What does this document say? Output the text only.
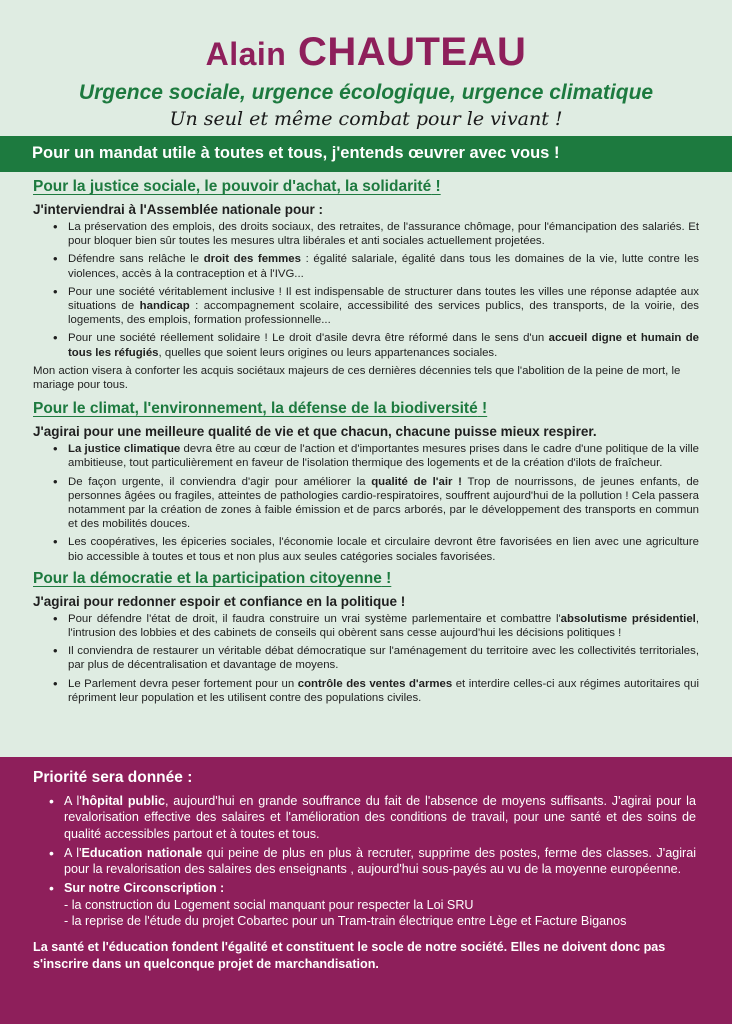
Alain CHAUTEAU
Urgence sociale, urgence écologique, urgence climatique
Un seul et même combat pour le vivant !
Pour un mandat utile à toutes et tous, j'entends œuvrer avec vous !
Pour la justice sociale, le pouvoir d'achat, la solidarité !
J'interviendrai à l'Assemblée nationale pour :
• La préservation des emplois, des droits sociaux, des retraites, de l'assurance chômage, pour l'émancipation des salariés. Et pour bloquer bien sûr toutes les mesures ultra libérales et anti sociales actuellement projetées.
• Défendre sans relâche le droit des femmes : égalité salariale, égalité dans tous les domaines de la vie, lutte contre les violences, accès à la contraception et à l'IVG...
• Pour une société véritablement inclusive ! Il est indispensable de structurer dans toutes les villes une réponse adaptée aux situations de handicap : accompagnement scolaire, accessibilité des services publics, des transports, de la voirie, des logements, des emplois, formation professionnelle...
• Pour une société réellement solidaire ! Le droit d'asile devra être réformé dans le sens d'un accueil digne et humain de tous les réfugiés, quelles que soient leurs origines ou leurs appartenances sociales.
Mon action visera à conforter les acquis sociétaux majeurs de ces dernières décennies tels que l'abolition de la peine de mort, le mariage pour tous.
Pour le climat, l'environnement, la défense de la biodiversité !
J'agirai pour une meilleure qualité de vie et que chacun, chacune puisse mieux respirer.
• La justice climatique devra être au cœur de l'action et d'importantes mesures prises dans le cadre d'une politique de la ville ambitieuse, tout particulièrement en faveur de l'isolation thermique des logements et de la création d'ilots de fraîcheur.
• De façon urgente, il conviendra d'agir pour améliorer la qualité de l'air ! Trop de nourrissons, de jeunes enfants, de personnes âgées ou fragiles, atteintes de pathologies cardio-respiratoires, souffrent aujourd'hui de la pollution ! Cela passera notamment par la création de zones à faible émission et de parcs arborés, par le développement des transports en commun et des mobilités douces.
• Les coopératives, les épiceries sociales, l'économie locale et circulaire devront être favorisées en lien avec une agriculture bio accessible à toutes et tous et non plus aux seules catégories sociales favorisées.
Pour la démocratie et la participation citoyenne !
J'agirai pour redonner espoir et confiance en la politique !
• Pour défendre l'état de droit, il faudra construire un vrai système parlementaire et combattre l'absolutisme présidentiel, l'intrusion des lobbies et des cabinets de conseils qui obèrent sans cesse aujourd'hui les décisions politiques !
• Il conviendra de restaurer un véritable débat démocratique sur l'aménagement du territoire avec les collectivités territoriales, par plus de décentralisation et davantage de moyens.
• Le Parlement devra peser fortement pour un contrôle des ventes d'armes et interdire celles-ci aux régimes autoritaires qui répriment leur population et les utilisent contre des populations civiles.
Priorité sera donnée :
• A l'hôpital public, aujourd'hui en grande souffrance du fait de l'absence de moyens suffisants. J'agirai pour la revalorisation effective des salaires et l'amélioration des conditions de travail, pour une santé et des soins de qualité accessibles partout et à toutes et tous.
• A l'Education nationale qui peine de plus en plus à recruter, supprime des postes, ferme des classes. J'agirai pour la revalorisation des salaires des enseignants , aujourd'hui sous-payés au vu de la moyenne européenne.
• Sur notre Circonscription :
- la construction du Logement social manquant pour respecter la Loi SRU
- la reprise de l'étude du projet Cobartec pour un Tram-train électrique entre Lège et Facture Biganos
La santé et l'éducation fondent l'égalité et constituent le socle de notre société. Elles ne doivent donc pas s'inscrire dans un quelconque projet de marchandisation.
